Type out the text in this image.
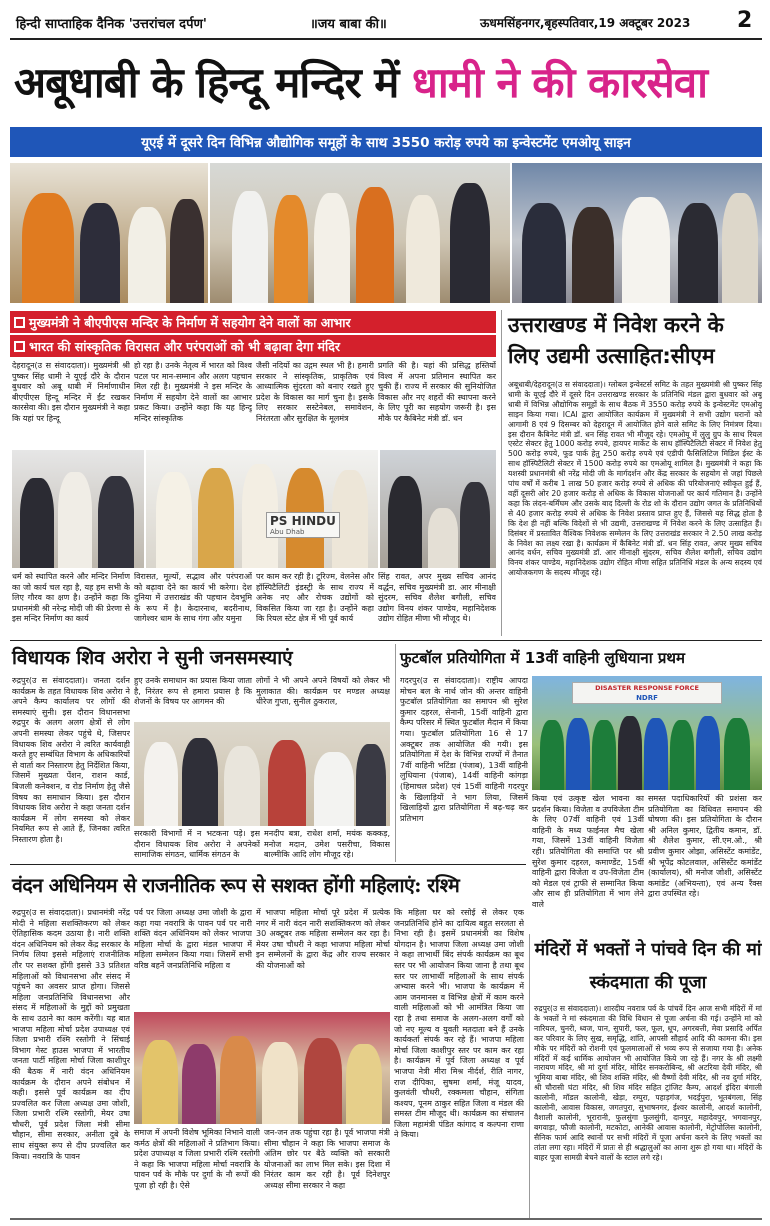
हिन्दी साप्ताहिक दैनिक 'उत्तरांचल दर्पण'	॥जय बाबा की॥	ऊधमसिंहनगर,बृहस्पतिवार,19 अक्टूबर 2023 2
अबूधाबी के हिन्दू मन्दिर में धामी ने की कारसेवा
यूएई में दूसरे दिन विभिन्न औद्योगिक समूहों के साथ 3550 करोड़ रुपये का इन्वेस्टमेंट एमओयू साइन
मुख्यमंत्री ने बीएपीएस मन्दिर के निर्माण में सहयोग देने वालों का आभार
भारत की सांस्कृतिक विरासत और परंपराओं को भी बढ़ावा देगा मंदिर
देहरादून(उ स संवाददाता)। मुख्यमंत्री श्री पुष्कर सिंह धामी ने यूएई दौरे के दौरान बुधवार को अबू धाबी में निर्माणाधीन बीएपीएस हिन्दू मन्दिर में ईंट रखकर कारसेवा की। इस दौरान मुख्यमंत्री ने कहा कि यहां पर हिन्दू
हो रहा है। उनके नेतृत्व में भारत को विश्व पटल पर मान-सम्मान और अलग पहचान मिल रही है। मुख्यमंत्री ने इस मन्दिर के निर्माण में सहयोग देने वालों का आभार प्रकट किया। उन्होंने कहा कि यह हिन्दू मन्दिर सांस्कृतिक
जैसी नदियों का उद्गम स्थल भी है। हमारी सरकार ने सांस्कृतिक, प्राकृतिक एवं आध्यात्मिक सुंदरता को बनाए रखते हुए प्रदेश के विकास का मार्ग चुना है। इसके लिए सरकार सस्टेनेबल, समावेशन, निरंतरता और सुरक्षित के मूलमंत्र
प्रगति की है। यहां की प्रसिद्ध हस्तियों विश्व में अपना प्रतिमान स्थापित कर चुकी हैं। राज्य में सरकार की सुनियोजित विकास और नए शहरों की स्थापना करने के लिए पूरी का सहयोग जरूरी है। इस मौके पर कैबिनेट मंत्री डॉ. धन
PS HINDU
Abu Dhab
धर्म को स्थापित करने और मन्दिर निर्माण का जो कार्य चल रहा है, यह हम सभी के लिए गौरव का क्षण है। उन्होंने कहा कि प्रधानमंत्री श्री नरेन्द्र मोदी जी की प्रेरणा से इस मन्दिर निर्माण का कार्य
विरासत, मूल्यों, सद्भाव और परंपराओं को बढ़ावा देने का कार्य भी करेगा। देश दुनिया में उत्तराखंड की पहचान देवभूमि के रूप में है। केदारनाथ, बदरीनाथ, जागेश्वर धाम के साथ गंगा और यमुना
पर काम कर रही है। टूरिज्म, वेलनेस और हॉस्पिटैलिटी इंडस्ट्री के साथ राज्य में अनेक नए और रोचक उद्योगों को विकसित किया जा रहा है। उन्होंने कहा कि रियल स्टेट क्षेत्र में भी पूर्व कार्य
सिंह रावत, अपर मुख्य सचिव आनंद वर्द्धन, सचिव मुख्यमंत्री डा. आर मीनाक्षी सुंदरम, सचिव शैलेश बगौली, सचिव उद्योग विनय शंकर पाण्डेय, महानिदेशक उद्योग रोहित मीणा भी मौजूद थे।
उत्तराखण्ड में निवेश करने के लिए उद्यमी उत्साहित:सीएम
अबूधाबी/देहरादून(उ स संवाददाता)। ग्लोबल इन्वेस्टर्स समिट के तहत मुख्यमंत्री श्री पुष्कर सिंह धामी के यूएई दौरे में दूसरे दिन उत्तराखण्ड सरकार के प्रतिनिधि मंडल द्वारा बुधवार को अबू धाबी में विभिन्न औद्योगिक समूहों के साथ बैठक में 3550 करोड़ रुपये के इन्वेस्टमेंट एमओयू साइन किया गया। ICAI द्वारा आयोजित कार्यक्रम में मुख्यमंत्री ने सभी उद्योग घरानों को आगामी 8 एवं 9 दिसम्बर को देहरादून में आयोजित होने वाले समिट के लिए निमंत्रण दिया। इस दौरान कैबिनेट मंत्री डॉ. धन सिंह रावत भी मौजूद रहे। एमओयू में लुलु ग्रुप के साथ रियल एस्टेट सेक्टर हेतु 1000 करोड़ रुपये, हायपर मार्केट के साथ हॉस्पिटैलिटी सेक्टर में निवेश हेतु 500 करोड़ रुपये, फूड पार्क हेतु 250 करोड़ रुपये एवं एडीपी फैसिलिटिज मिडिल ईस्ट के साथ हॉस्पिटैलिटी सेक्टर में 1500 करोड़ रुपये का एमओयू शामिल है। मुख्यमंत्री ने कहा कि यशस्वी प्रधानमंत्री श्री नरेंद्र मोदी जी के मार्गदर्शन और केंद्र सरकार के सहयोग से जहां पिछले पांच वर्षों में करीब 1 लाख 50 हजार करोड़ रुपये से अधिक की परियोजनाएं स्वीकृत हुई हैं, वहीं दूसरी ओर 20 हजार करोड़ से अधिक के विकास योजनाओं पर कार्य गतिमान है। उन्होंने कहा कि लंदन-बर्मिंघम और उसके बाद दिल्ली के रोड शो के दौरान उद्योग जगत के प्रतिनिधियों से 40 हजार करोड़ रुपये से अधिक के निवेश प्रस्ताव प्राप्त हुए हैं, जिससे यह सिद्ध होता है कि देश ही नहीं बल्कि विदेशों से भी उद्यमी, उत्तराखण्ड में निवेश करने के लिए उत्साहित हैं। दिसंबर में प्रस्तावित वैश्विक निवेशक सम्मेलन के लिए उत्तराखंड सरकार ने 2.50 लाख करोड़ के निवेश का लक्ष्य रखा है। कार्यक्रम में कैबिनेट मंत्री डॉ. धन सिंह रावत, अपर मुख्य सचिव आनंद वर्धन, सचिव मुख्यमंत्री डॉ. आर मीनाक्षी सुंदरम, सचिव शैलेश बगौली, सचिव उद्योग विनय शंकर पाण्डेय, महानिदेशक उद्योग रोहित मीणा सहित प्रतिनिधि मंडल के अन्य सदस्य एवं आयोजकगण के सदस्य मौजूद रहे।
विधायक शिव अरोरा ने सुनी जनसमस्याएं
रुद्रपुर(उ स संवाददाता)। जनता दर्शन कार्यक्रम के तहत विधायक शिव अरोरा ने अपने कैम्प कार्यालय पर लोगों की समस्याएं सुनी। इस दौरान विधानसभा रुद्रपुर के अलग अलग क्षेत्रों से लोग अपनी समस्या लेकर पहुंचे थे, जिसपर विधायक शिव अरोरा ने त्वरित कार्यवाही करते हुए सम्बंधित विभाग के अधिकारियों से वार्ता कर निस्तारण हेतु निर्देशित किया, जिसमें मुख्यतः पेंशन, राशन कार्ड, बिजली कनेक्शन, व रोड निर्माण हेतु जैसे विषय का समाधान किया। इस दौरान विधायक शिव अरोरा ने कहा जनता दर्शन कार्यक्रम में लोग समस्या को लेकर नियमित रूप से आते हैं, जिनका त्वरित निस्तारण होता है।
हुए उनके समाधान का प्रयास किया जाता है, निरंतर रूप से हमारा प्रयास है कि शेजनों के विषय पर आगमन की
लोगों ने भी अपने अपने विषयों को लेकर भी मुलाकात की। कार्यक्रम पर मण्डल अध्यक्ष धीरेज गुप्ता, सुनील ठुकराल,
सरकारी विभागों में न भटकना पड़े। इस दौरान विधायक शिव अरोरा ने अपनेकों सामाजिक संगठन, धार्मिक संगठन के
मनदीप बत्रा, राधेश शर्मा, मयंक कक्कड़, मनोज मदान, उमेश पसरीचा, विकास बाल्मीकि आदि लोग मौजूद रहे।
फुटबॉल प्रतियोगिता में 13वीं वाहिनी लुधियाना प्रथम
गदरपुर(उ स संवाददाता)। राष्ट्रीय आपदा मोचन बल के नार्थ जोन की अन्तर वाहिनी फुटबॉल प्रतियोगिता का समापन श्री सुरेश कुमार दहरल, सेनानी, 15वीं वाहिनी द्वारा कैम्प परिसर में स्थित फुटबॉल मैदान में किया गया। फुटबॉल प्रतियोगिता 16 से 17 अक्टूबर तक आयोजित की गयी। इस प्रतियोगिता में देश के विभिन्न राज्यों में तैनात 7वीं वाहिनी भटिंडा (पंजाब), 13वीं वाहिनी लुधियाना (पंजाब), 14वीं वाहिनी कांगड़ा (हिमाचल प्रदेश) एवं 15वीं वाहिनी गदरपुर के खिलाड़ियों ने भाग लिया, जिसमें खिलाड़ियों द्वारा प्रतियोगिता में बढ़-चढ़ कर प्रतिभाग
DISASTER RESPONSE FORCE
NDRF
किया एवं उत्कृष्ट खेल भावना का प्रदर्शन किया। विजेता व उपविजेता टीम के लिए 07वीं वाहिनी एवं 13वीं वाहिनी के मध्य फाईनल मैच खेला गया, जिसमें 13वीं वाहिनी विजेता रही। प्रतियोगिता की समाप्ति पर श्री सुरेश कुमार दहरल, कमाण्डेंट, 15वीं वाहिनी द्वारा विजेता व उप-विजेता टीम को मेडल एवं ट्राफी से सम्मानित किया और साथ ही प्रतियोगिता में भाग लेने वाले
समस्त पदाधिकारियों की प्रशंसा कर प्रतियोगिता का विधिवत समापन की घोषणा की। इस प्रतियोगिता के दौरान श्री अनिल कुमार, द्वितीय कमान, डॉ. श्री शैलेश कुमार, सी.एम.ओ., श्री प्रवीण कुमार ओझा, असिस्टेंट कमांडेंट, श्री भूपेंद्र कोटलवाल, असिस्टेंट कमांडेंट (कार्यालय), श्री मनोज जोशी, असिस्टेंट कमांडेंट (अभियन्ता), एवं अन्य रैंक्स द्वारा उपस्थित रहे।
वंदन अधिनियम से राजनीतिक रूप से सशक्त होंगी महिलाएं: रश्मि
रुद्रपुर(उ स संवाददाता)। प्रधानमंत्री नरेंद्र मोदी ने महिला सशक्तिकरण को लेकर ऐतिहासिक कदम उठाया है। नारी शक्ति वंदन अधिनियम को लेकर केंद्र सरकार के निर्णय लिया इससे महिलाएं राजनीतिक तौर पर सशक्त होंगी इससे 33 प्रतिशत महिलाओं को विधानसभा और संसद में पहुंचने का अवसर प्राप्त होगा। जिससे महिला जनप्रतिनिधि विधानसभा और संसद में महिलाओं के मुद्दों को प्रमुखता के साथ उठाने का काम करेंगी। यह बात भाजपा महिला मोर्चा प्रदेश उपाध्यक्ष एवं जिला प्रभारी रश्मि रस्तोगी ने सिंचाई विभाग गेस्ट हाउस भाजपा में भारतीय जनता पार्टी महिला मोर्चा जिला काशीपुर की बैठक में नारी वंदन अधिनियम कार्यक्रम के दौरान अपने संबोधन में कही। इससे पूर्व कार्यक्रम का दीप प्रज्वलित कर जिला अध्यक्ष उमा जोशी, जिला प्रभारी रश्मि रस्तोगी, मेयर उषा चौधरी, पूर्व प्रदेश जिला मंत्री सीमा चौहान, सीमा सरकार, अनीता दुबे के साथ संयुक्त रूप से दीप प्रज्वलित कर किया। नवरात्रि के पावन
पर्व पर जिला अध्यक्ष उमा जोशी के द्वारा कहा गया नवरात्रि के पावन पर्व पर नारी शक्ति वंदन अधिनियम को लेकर भाजपा महिला मोर्चा के द्वारा मंडल भाजपा में महिला सम्मेलन किया गया। जिसमें सभी वरिष्ठ बहनें जनप्रतिनिधि महिला व
में भाजपा महिला मोर्चा पूरे प्रदेश में प्रत्येक नगर में नारी वंदन नारी सशक्तिकरण को लेकर 30 अक्टूबर तक महिला सम्मेलन कर रहा है। मेयर उषा चौधरी ने कहा भाजपा महिला मोर्चा इन सम्मेलनों के द्वारा केंद्र और राज्य सरकार की योजनाओं को
कि महिला घर को रसोई से लेकर एक जनप्रतिनिधि होने का दायित्व बहुत सरलता से निभा रही है। इसमें प्रधानमंत्री का विशेष योगदान है। भाजपा जिला अध्यक्ष उमा जोशी ने कहा लाभार्थी बिंद संपर्क कार्यक्रम का बूथ स्तर पर भी आयोजन किया जाना है तथा बूथ स्तर पर लाभार्थी महिलाओं के साथ संपर्क अभ्यास करने भी। भाजपा के कार्यक्रम में आम जनमानस व विभिन्न क्षेत्रों में काम करने वाली महिलाओं को भी आमंत्रित किया जा रहा है तथा समाज के अलग-अलग वर्गों को जो नए मूल्य व युवती मतदाता बने हैं उनके कार्यकर्ता संपर्क कर रहे हैं। भाजपा महिला मोर्चा जिला काशीपुर स्तर पर काम कर रहा है। कार्यक्रम में पूर्व जिला अध्यक्ष व पूर्व भाजपा नेत्री मीरा मिश्र नीर्दर्श, रीति नागर, राज दीपिका, सुषमा शर्मा, मंजू यादव, कुलवंती चौधरी, रक्कमला चौहान, संगिता कश्यप, पूनम ठाकुर सहित जिला व मंडल की समस्त टीम मौजूद थी। कार्यक्रम का संचालन जिला महामंत्री पंडित कांगाद व कल्पना राणा ने किया।
समाज में अपनी विशेष भूमिका निभाने वाली कर्मठ क्षेत्रों की महिलाओं ने प्रतिभाग किया। प्रदेश उपाध्यक्ष व जिला प्रभारी रश्मि रस्तोगी ने कहा कि भाजपा महिला मोर्चा नवरात्रि के पावन पर्व के मौके पर दुर्गा के नौ रूपों की पूजा हो रही है। ऐसे
जन-जन तक पहुंचा रहा है। पूर्व भाजपा मंत्री सीमा चौहान ने कहा कि भाजपा समाज के अंतिम छोर पर बैठे व्यक्ति को सरकारी योजनाओं का लाभ मिल सके। इस दिशा में निरंतर काम कर रही है। पूर्व दिनेशपुर अध्यक्ष सीमा सरकार ने कहा
मंदिरों में भक्तों ने पांचवे दिन की मां स्कंदमाता की पूजा
रुद्रपुर(उ स संवाददाता)। शारदीय नवरात्र पर्व के पांचवें दिन आज सभी मंदिरों में मां के भक्तों ने मां स्कंदमाता की विधि विधान से पूजा अर्चना की गई। उन्होंने मां को नारियल, चुनरी, ध्वज, पान, सुपारी, फल, फूल, धूप, अगरबत्ती, मेवा प्रसादि अर्पित कर परिवार के लिए सुख, समृद्धि, शांति, आपसी सौहार्द आदि की कामना की। इस मौके पर मंदिरों को रोशनी एवं फूलमालाओं से भव्य रूप से सजाया गया है। अनेक मंदिरों में कई धार्मिक आयोजन भी आयोजित किये जा रहे हैं। नगर के श्री लक्ष्मी नारायण मंदिर, श्री मां दुर्गा मंदिर, मोदिर सनकरोबिन्द, श्री अटरिया देवी मंदिर, श्री भूमिया बाबा मंदिर, श्री शिव शक्ति मंदिर, श्री वैष्णों देवी मंदिर, श्री नव दुर्गा मंदिर, श्री चौरासी घंटा मंदिर, श्री शिव मंदिर सहित ट्रांजिट कैम्प, आदर्श इंदिरा बंगाली कालोनी, मॉडल कालोनी, खेड़ा, रम्पुरा, पहाड़गंज, भदईपुरा, भूतबंगला, सिंह कालोनी, आवास विकास, जगतपुरा, सुभाषनगर, ईश्वर कालोनी, आदर्श कालोनी, वैशाली कालोनी, भूरारानी, फुलसुंगा फुलसुंगी, दानपुर, महादेवपुर, भगवानपुर, बगवाड़ा, फौजी कालोनी, मटकोटा, आनेकी आवास कालोनी, मेट्रोपोलिस कालोनी, सैनिक फार्म आदि स्थानों पर सभी मंदिरों में पूजा अर्चना करने के लिए भक्तों का तांता लगा रहा। मंदिरों में प्रातः से ही श्रद्धालुओं का आना शुरू हो गया था। मंदिरों के बाहर पूजा सामग्री बेचने वालों के स्टाल लगे रहे।
